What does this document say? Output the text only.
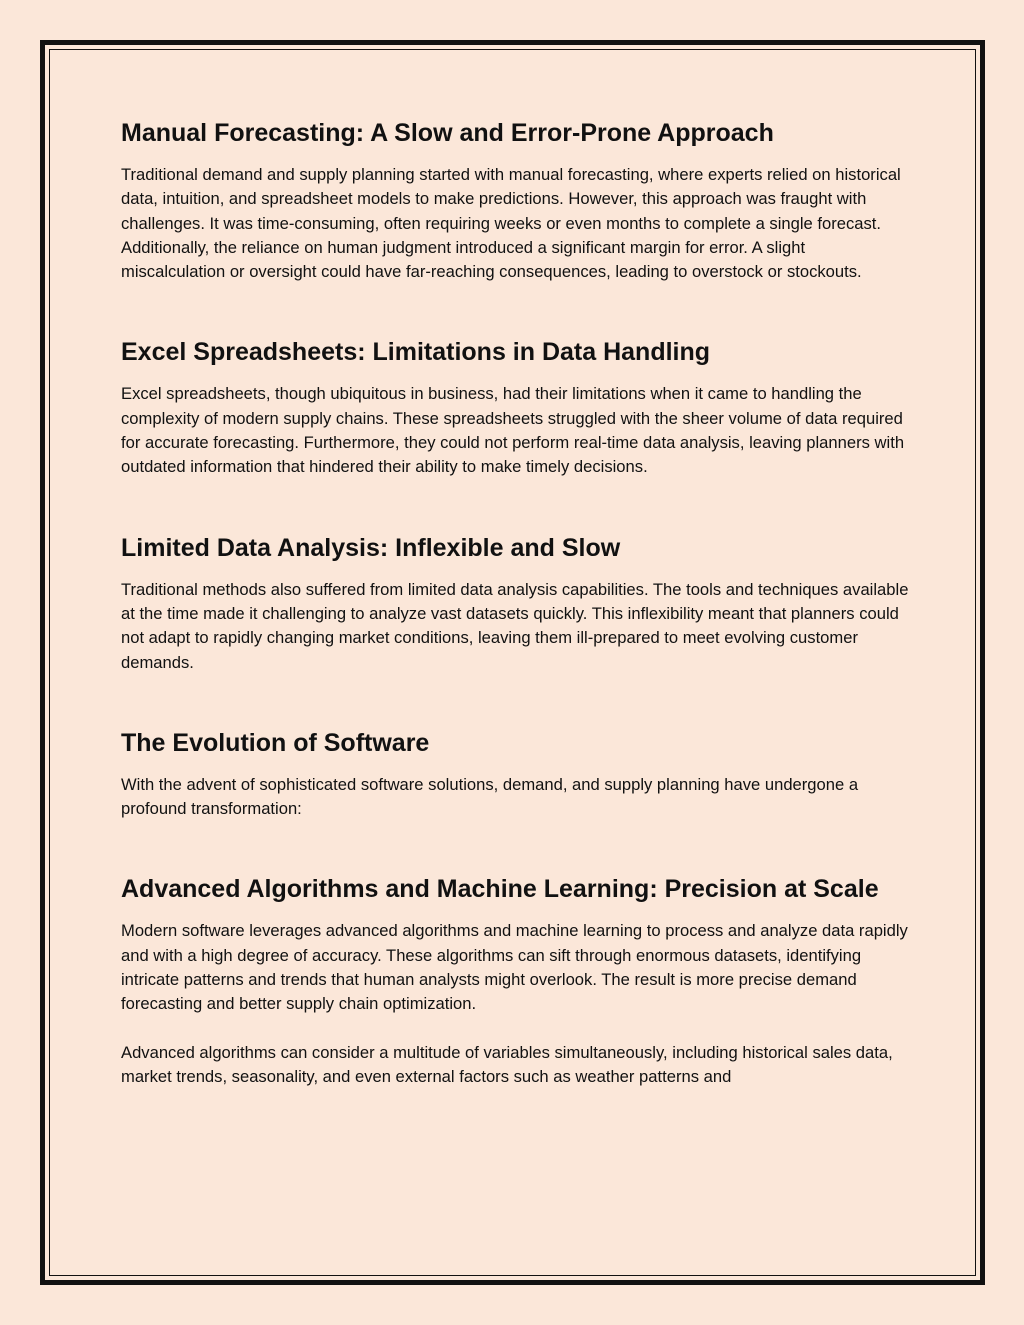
Manual Forecasting: A Slow and Error-Prone Approach

Traditional demand and supply planning started with manual forecasting, where experts relied on historical data, intuition, and spreadsheet models to make predictions. However, this approach was fraught with challenges. It was time-consuming, often requiring weeks or even months to complete a single forecast. Additionally, the reliance on human judgment introduced a significant margin for error. A slight miscalculation or oversight could have far-reaching consequences, leading to overstock or stockouts.

Excel Spreadsheets: Limitations in Data Handling

Excel spreadsheets, though ubiquitous in business, had their limitations when it came to handling the complexity of modern supply chains. These spreadsheets struggled with the sheer volume of data required for accurate forecasting. Furthermore, they could not perform real-time data analysis, leaving planners with outdated information that hindered their ability to make timely decisions.

Limited Data Analysis: Inflexible and Slow

Traditional methods also suffered from limited data analysis capabilities. The tools and techniques available at the time made it challenging to analyze vast datasets quickly. This inflexibility meant that planners could not adapt to rapidly changing market conditions, leaving them ill-prepared to meet evolving customer demands.

The Evolution of Software

With the advent of sophisticated software solutions, demand, and supply planning have undergone a profound transformation:

Advanced Algorithms and Machine Learning: Precision at Scale

Modern software leverages advanced algorithms and machine learning to process and analyze data rapidly and with a high degree of accuracy. These algorithms can sift through enormous datasets, identifying intricate patterns and trends that human analysts might overlook. The result is more precise demand forecasting and better supply chain optimization.

Advanced algorithms can consider a multitude of variables simultaneously, including historical sales data, market trends, seasonality, and even external factors such as weather patterns and
